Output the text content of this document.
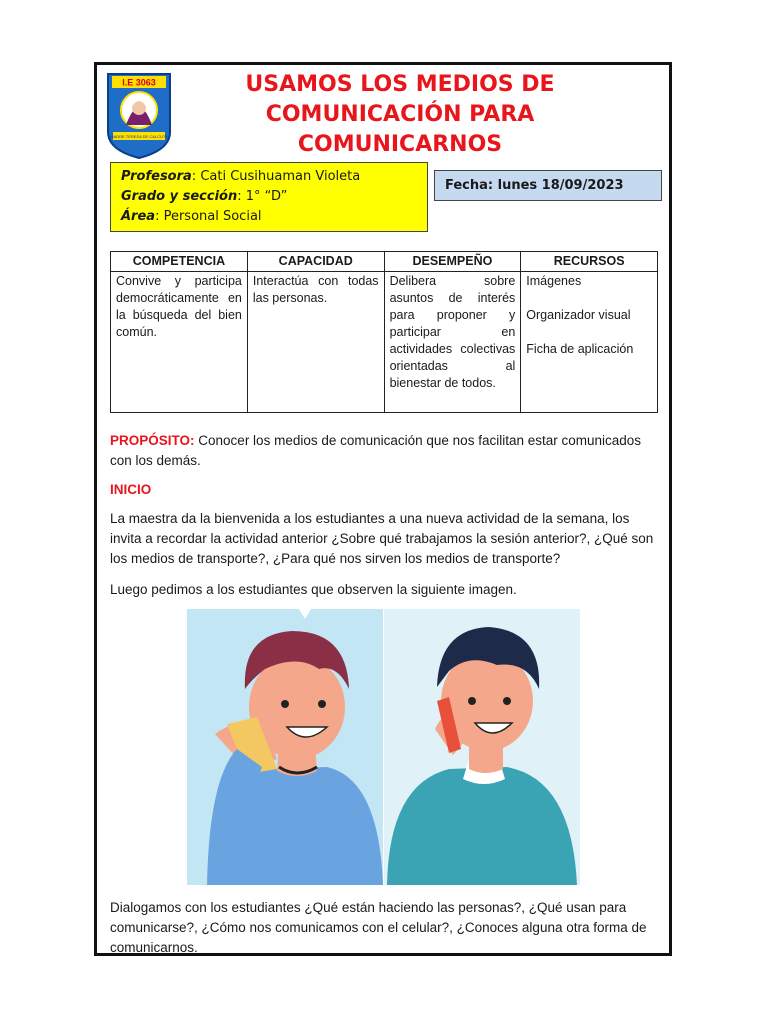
I.E 3063
MADRE TERESA DE CALCUTA
USAMOS LOS MEDIOS DE
COMUNICACIÓN PARA
COMUNICARNOS
Profesora: Cati Cusihuaman Violeta
Grado y sección: 1° “D”
Área: Personal Social
Fecha: lunes 18/09/2023
COMPETENCIA	CAPACIDAD	DESEMPEÑO	RECURSOS
Convive y participa democráticamente en la búsqueda del bien común.	Interactúa con todas las personas.	Delibera sobre asuntos de interés para proponer y participar en actividades colectivas orientadas al bienestar de todos.	Imágenes
Organizador visual
Ficha de aplicación
PROPÓSITO: Conocer los medios de comunicación que nos facilitan estar comunicados con los demás.
INICIO
La maestra da la bienvenida a los estudiantes a una nueva actividad de la semana, los invita a recordar la actividad anterior ¿Sobre qué trabajamos la sesión anterior?, ¿Qué son los medios de transporte?, ¿Para qué nos sirven los medios de transporte?
Luego pedimos a los estudiantes que observen la siguiente imagen.
Dialogamos con los estudiantes ¿Qué están haciendo las personas?, ¿Qué usan para comunicarse?, ¿Cómo nos comunicamos con el celular?, ¿Conoces alguna otra forma de comunicarnos.
